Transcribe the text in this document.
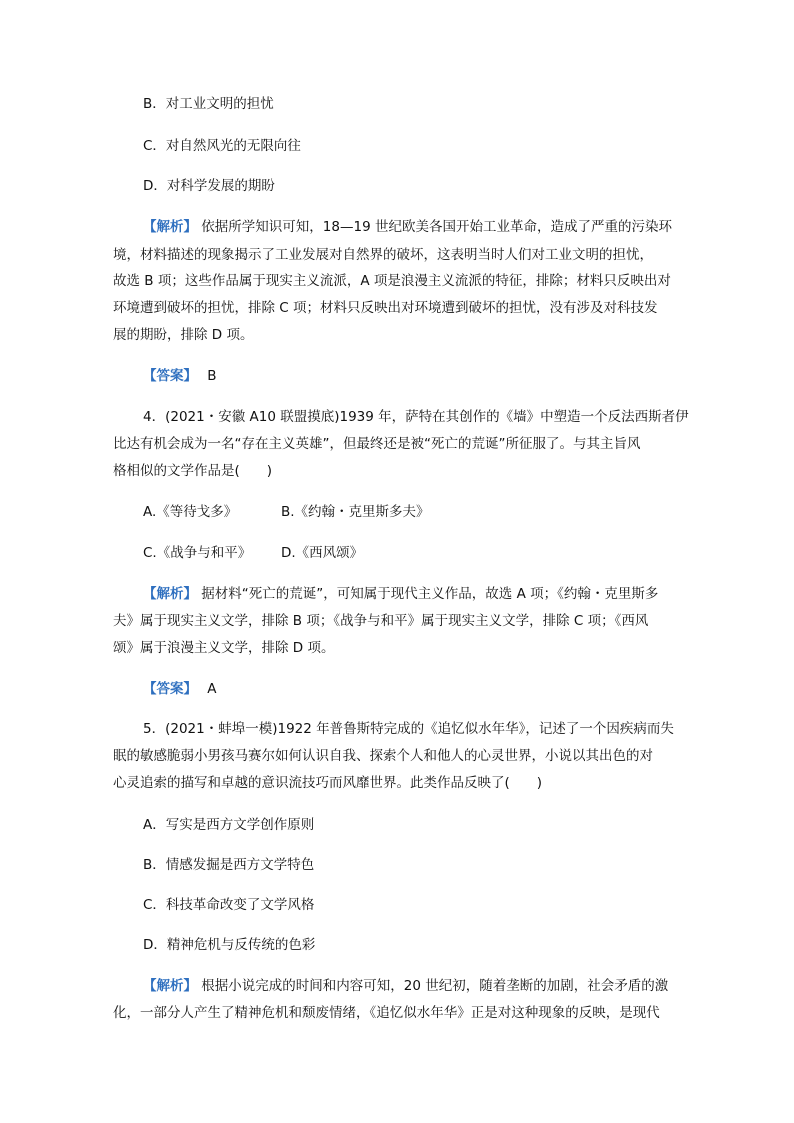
B．对工业文明的担忧
C．对自然风光的无限向往
D．对科学发展的期盼
【解析】 依据所学知识可知，18—19 世纪欧美各国开始工业革命，造成了严重的污染环
境，材料描述的现象揭示了工业发展对自然界的破坏，这表明当时人们对工业文明的担忧，
故选 B 项；这些作品属于现实主义流派，A 项是浪漫主义流派的特征，排除；材料只反映出对
环境遭到破坏的担忧，排除 C 项；材料只反映出对环境遭到破坏的担忧，没有涉及对科技发
展的期盼，排除 D 项。
【答案】 B
4．(2021・安徽 A10 联盟摸底)1939 年，萨特在其创作的《墙》中塑造一个反法西斯者伊
比达有机会成为一名“存在主义英雄”，但最终还是被“死亡的荒诞”所征服了。与其主旨风
格相似的文学作品是(　　)
A.《等待戈多》	B.《约翰・克里斯多夫》
C.《战争与和平》 D.《西风颂》
【解析】 据材料“死亡的荒诞”，可知属于现代主义作品，故选 A 项；《约翰・克里斯多
夫》属于现实主义文学，排除 B 项；《战争与和平》属于现实主义文学，排除 C 项；《西风
颂》属于浪漫主义文学，排除 D 项。
【答案】 A
5．(2021・蚌埠一模)1922 年普鲁斯特完成的《追忆似水年华》，记述了一个因疾病而失
眠的敏感脆弱小男孩马赛尔如何认识自我、探索个人和他人的心灵世界，小说以其出色的对
心灵追索的描写和卓越的意识流技巧而风靡世界。此类作品反映了(　　)
A．写实是西方文学创作原则
B．情感发掘是西方文学特色
C．科技革命改变了文学风格
D．精神危机与反传统的色彩
【解析】 根据小说完成的时间和内容可知，20 世纪初，随着垄断的加剧，社会矛盾的激
化，一部分人产生了精神危机和颓废情绪，《追忆似水年华》正是对这种现象的反映，是现代
